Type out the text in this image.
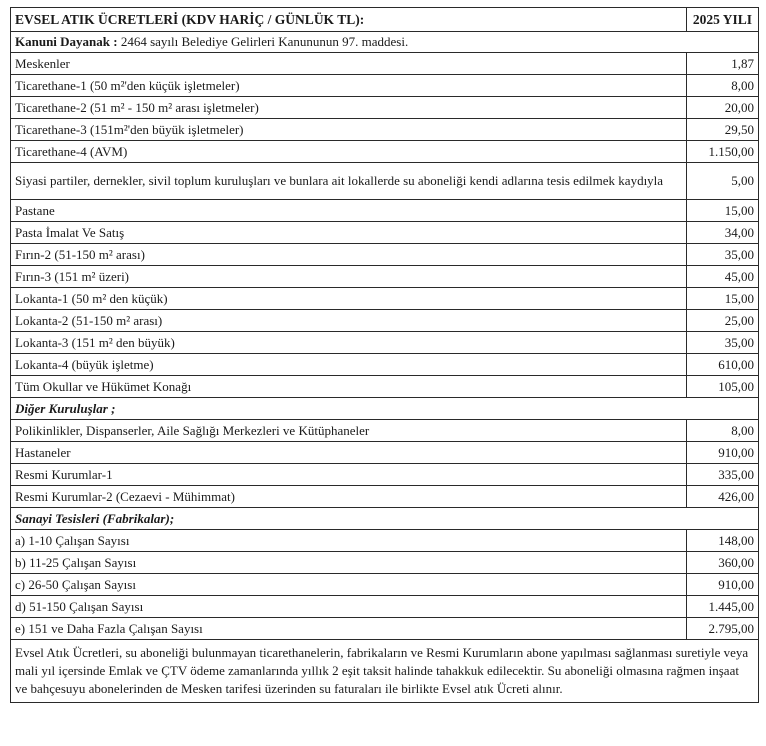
EVSEL ATIK ÜCRETLERİ (KDV HARİÇ / GÜNLÜK TL):	2025 YILI
Kanuni Dayanak : 2464 sayılı Belediye Gelirleri Kanununun 97. maddesi.	
Meskenler	1,87
Ticarethane-1 (50 m²'den küçük işletmeler)	8,00
Ticarethane-2 (51 m² - 150 m² arası işletmeler)	20,00
Ticarethane-3 (151m²'den büyük işletmeler)	29,50
Ticarethane-4 (AVM)	1.150,00
Siyasi partiler, dernekler, sivil toplum kuruluşları ve bunlara ait lokallerde su aboneliği kendi adlarına tesis edilmek kaydıyla	5,00
Pastane	15,00
Pasta İmalat Ve Satış	34,00
Fırın-2 (51-150 m² arası)	35,00
Fırın-3 (151 m² üzeri)	45,00
Lokanta-1 (50 m² den küçük)	15,00
Lokanta-2 (51-150 m² arası)	25,00
Lokanta-3 (151 m² den büyük)	35,00
Lokanta-4 (büyük işletme)	610,00
Tüm Okullar ve Hükümet Konağı	105,00
Diğer Kuruluşlar ;	
Polikinlikler, Dispanserler, Aile Sağlığı Merkezleri ve Kütüphaneler	8,00
Hastaneler	910,00
Resmi Kurumlar-1	335,00
Resmi Kurumlar-2 (Cezaevi - Mühimmat)	426,00
Sanayi Tesisleri (Fabrikalar);	
a) 1-10 Çalışan Sayısı	148,00
b) 11-25 Çalışan Sayısı	360,00
c) 26-50 Çalışan Sayısı	910,00
d) 51-150 Çalışan Sayısı	1.445,00
e) 151 ve Daha Fazla Çalışan Sayısı	2.795,00
Evsel Atık Ücretleri, su aboneliği bulunmayan ticarethanelerin, fabrikaların ve Resmi Kurumların abone yapılması sağlanması suretiyle veya mali yıl içersinde Emlak ve ÇTV ödeme zamanlarında yıllık 2 eşit taksit halinde tahakkuk edilecektir. Su aboneliği olmasına rağmen inşaat ve bahçesuyu abonelerinden de Mesken tarifesi üzerinden su faturaları ile birlikte Evsel atık Ücreti alınır.	
